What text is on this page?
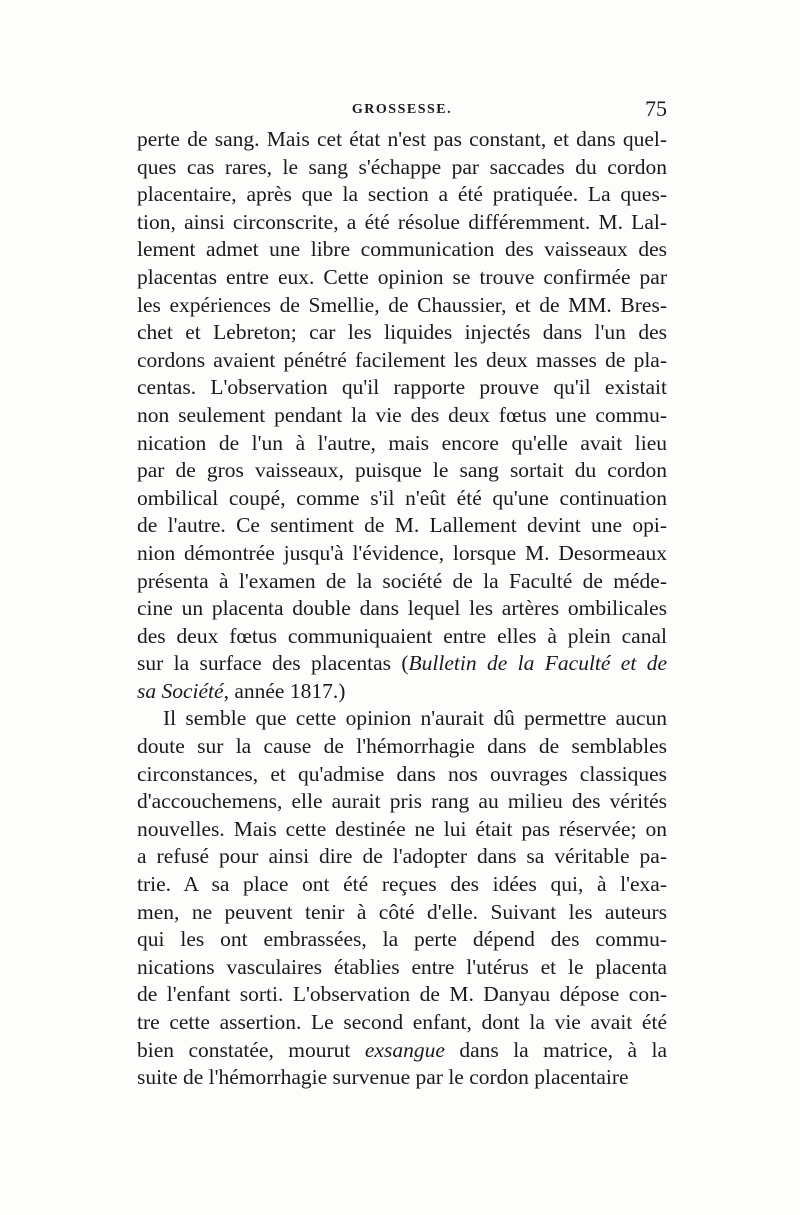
GROSSESSE.	75
perte de sang. Mais cet état n'est pas constant, et dans quel-
ques cas rares, le sang s'échappe par saccades du cordon
placentaire, après que la section a été pratiquée. La ques-
tion, ainsi circonscrite, a été résolue différemment. M. Lal-
lement admet une libre communication des vaisseaux des
placentas entre eux. Cette opinion se trouve confirmée par
les expériences de Smellie, de Chaussier, et de MM. Bres-
chet et Lebreton; car les liquides injectés dans l'un des
cordons avaient pénétré facilement les deux masses de pla-
centas. L'observation qu'il rapporte prouve qu'il existait
non seulement pendant la vie des deux fœtus une commu-
nication de l'un à l'autre, mais encore qu'elle avait lieu
par de gros vaisseaux, puisque le sang sortait du cordon
ombilical coupé, comme s'il n'eût été qu'une continuation
de l'autre. Ce sentiment de M. Lallement devint une opi-
nion démontrée jusqu'à l'évidence, lorsque M. Desormeaux
présenta à l'examen de la société de la Faculté de méde-
cine un placenta double dans lequel les artères ombilicales
des deux fœtus communiquaient entre elles à plein canal
sur la surface des placentas (Bulletin de la Faculté et de
sa Société, année 1817.)
Il semble que cette opinion n'aurait dû permettre aucun
doute sur la cause de l'hémorrhagie dans de semblables
circonstances, et qu'admise dans nos ouvrages classiques
d'accouchemens, elle aurait pris rang au milieu des vérités
nouvelles. Mais cette destinée ne lui était pas réservée; on
a refusé pour ainsi dire de l'adopter dans sa véritable pa-
trie. A sa place ont été reçues des idées qui, à l'exa-
men, ne peuvent tenir à côté d'elle. Suivant les auteurs
qui les ont embrassées, la perte dépend des commu-
nications vasculaires établies entre l'utérus et le placenta
de l'enfant sorti. L'observation de M. Danyau dépose con-
tre cette assertion. Le second enfant, dont la vie avait été
bien constatée, mourut exsangue dans la matrice, à la
suite de l'hémorrhagie survenue par le cordon placentaire
